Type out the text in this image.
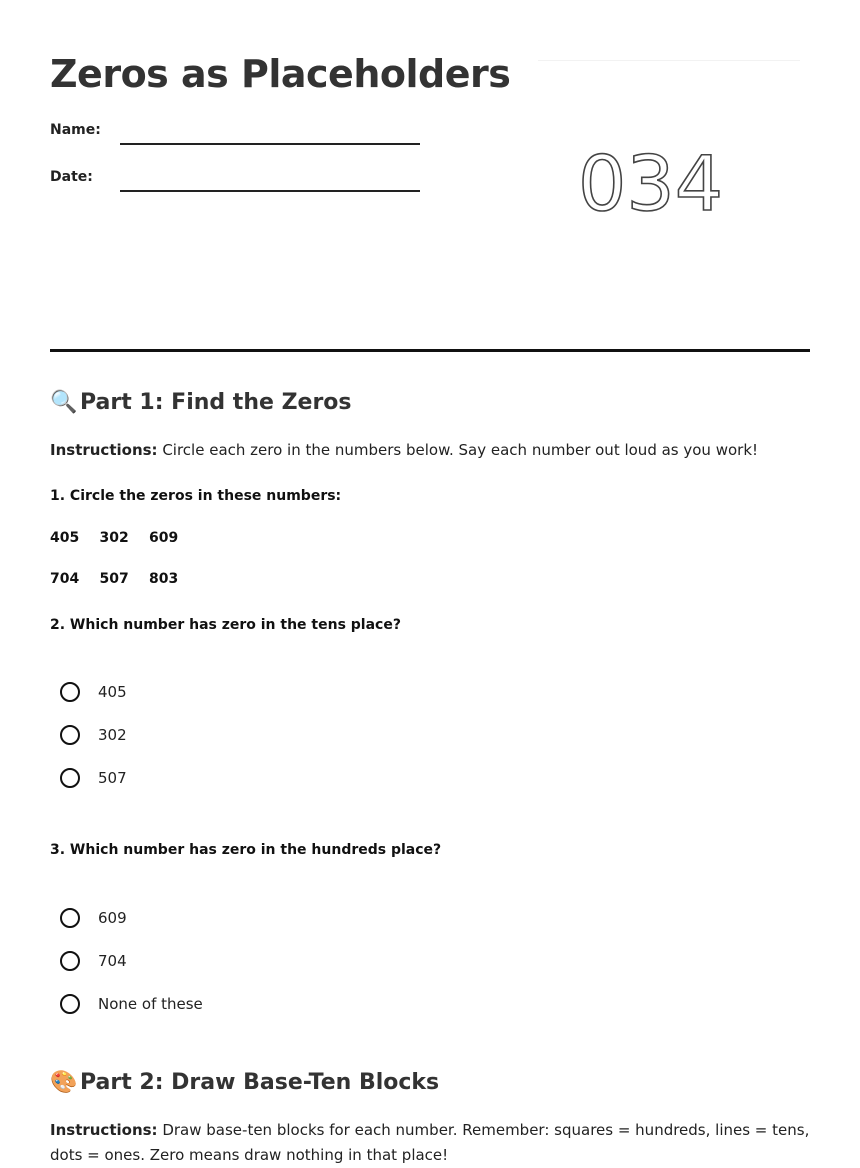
Zeros as Placeholders
Name:
Date:	034
🔍 Part 1: Find the Zeros
Instructions: Circle each zero in the numbers below. Say each number out loud as you work!
1. Circle the zeros in these numbers:
405 302 609
704 507 803
2. Which number has zero in the tens place?
405
302
507
3. Which number has zero in the hundreds place?
609
704
None of these
🎨 Part 2: Draw Base-Ten Blocks
Instructions: Draw base-ten blocks for each number. Remember: squares = hundreds, lines = tens, dots = ones. Zero means draw nothing in that place!
